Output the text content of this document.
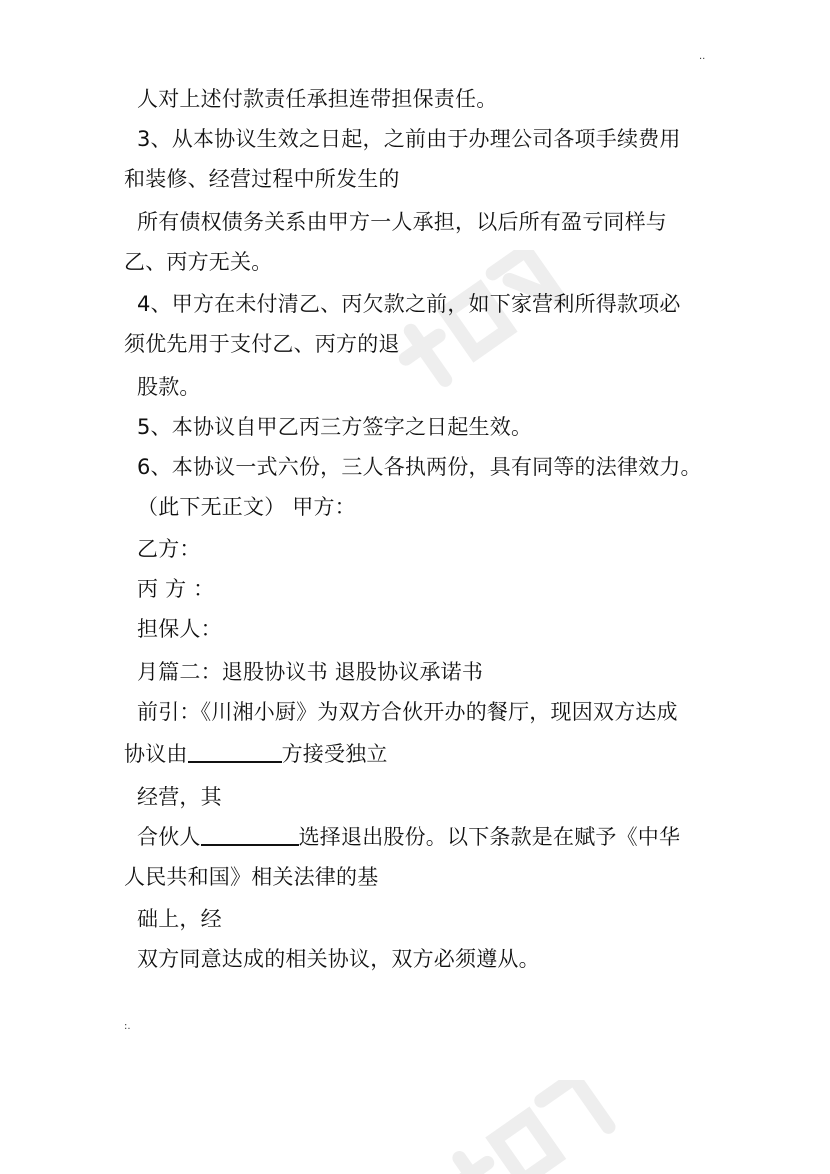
..
人对上述付款责任承担连带担保责任。
3、从本协议生效之日起，之前由于办理公司各项手续费用
和装修、经营过程中所发生的
所有债权债务关系由甲方一人承担，以后所有盈亏同样与
乙、丙方无关。
4、甲方在未付清乙、丙欠款之前，如下家营利所得款项必
须优先用于支付乙、丙方的退
股款。
5、本协议自甲乙丙三方签字之日起生效。
6、本协议一式六份，三人各执两份，具有同等的法律效力。
（此下无正文） 甲方：
乙方：
丙 方 ：
担保人：
月篇二：退股协议书 退股协议承诺书
前引：《川湘小厨》为双方合伙开办的餐厅，现因双方达成
协议由	方接受独立
经营，其
合伙人	选择退出股份。以下条款是在赋予《中华
人民共和国》相关法律的基
础上，经
双方同意达成的相关协议，双方必须遵从。
:.
